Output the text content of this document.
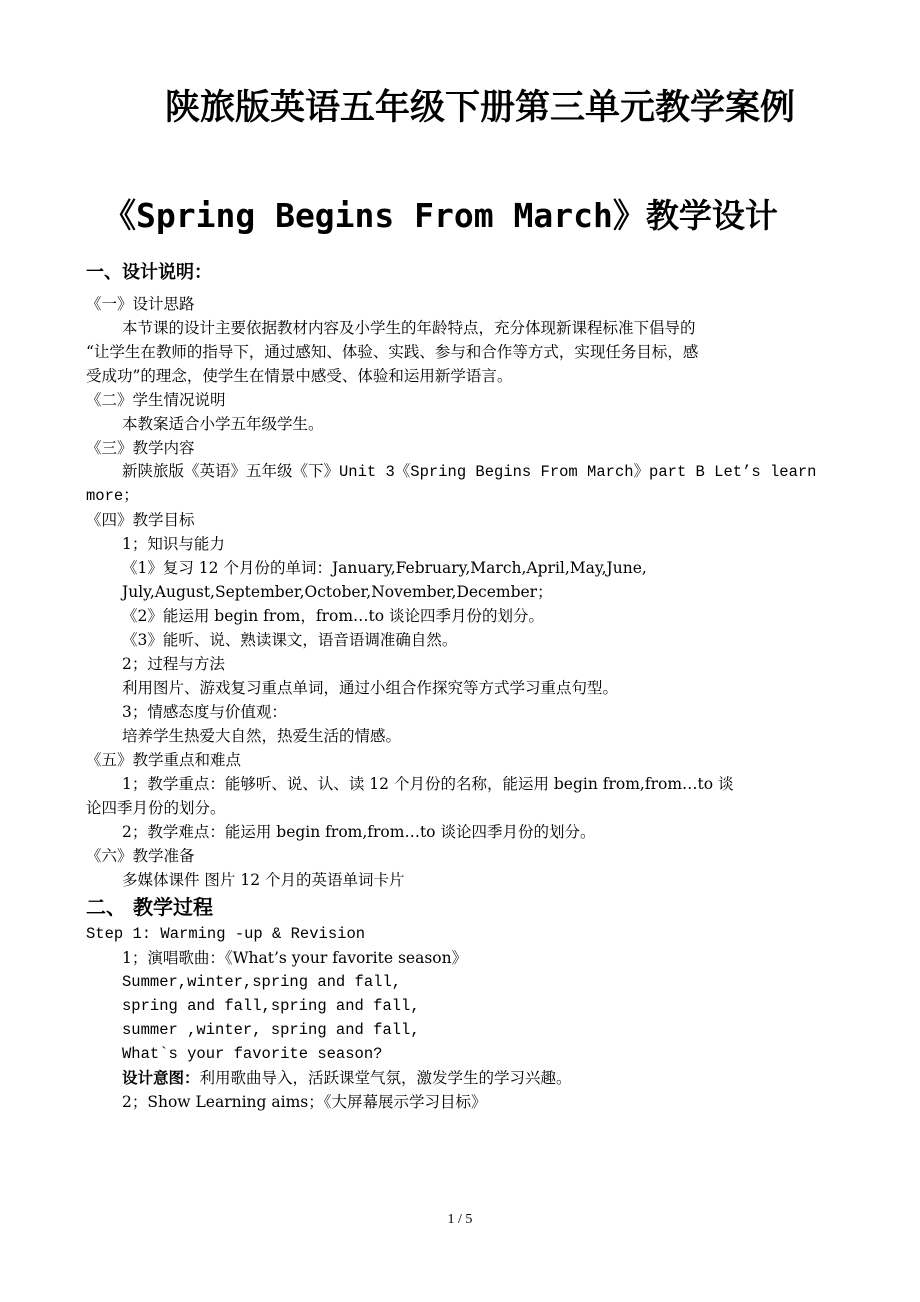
陕旅版英语五年级下册第三单元教学案例
《Spring Begins From March》教学设计
一、设计说明：
《一》设计思路
本节课的设计主要依据教材内容及小学生的年龄特点，充分体现新课程标准下倡导的
“让学生在教师的指导下，通过感知、体验、实践、参与和合作等方式，实现任务目标，感
受成功”的理念，使学生在情景中感受、体验和运用新学语言。
《二》学生情况说明
本教案适合小学五年级学生。
《三》教学内容
新陕旅版《英语》五年级《下》Unit 3《Spring Begins From March》part B Let’s learn
more；
《四》教学目标
1；知识与能力
《1》复习 12 个月份的单词：January,February,March,April,May,June,
July,August,September,October,November,December；
《2》能运用 begin from，from…to 谈论四季月份的划分。
《3》能听、说、熟读课文，语音语调准确自然。
2；过程与方法
利用图片、游戏复习重点单词，通过小组合作探究等方式学习重点句型。
3；情感态度与价值观：
培养学生热爱大自然，热爱生活的情感。
《五》教学重点和难点
1；教学重点：能够听、说、认、读 12 个月份的名称，能运用 begin from,from…to 谈
论四季月份的划分。
2；教学难点：能运用 begin from,from…to 谈论四季月份的划分。
《六》教学准备
多媒体课件 图片 12 个月的英语单词卡片
二、 教学过程
Step 1: Warming -up & Revision
1；演唱歌曲：《What’s your favorite season》
Summer,winter,spring and fall,
spring and fall,spring and fall,
summer ,winter, spring and fall,
What`s your favorite season?
设计意图：利用歌曲导入，活跃课堂气氛，激发学生的学习兴趣。
2；Show Learning aims；《大屏幕展示学习目标》
1 / 5
